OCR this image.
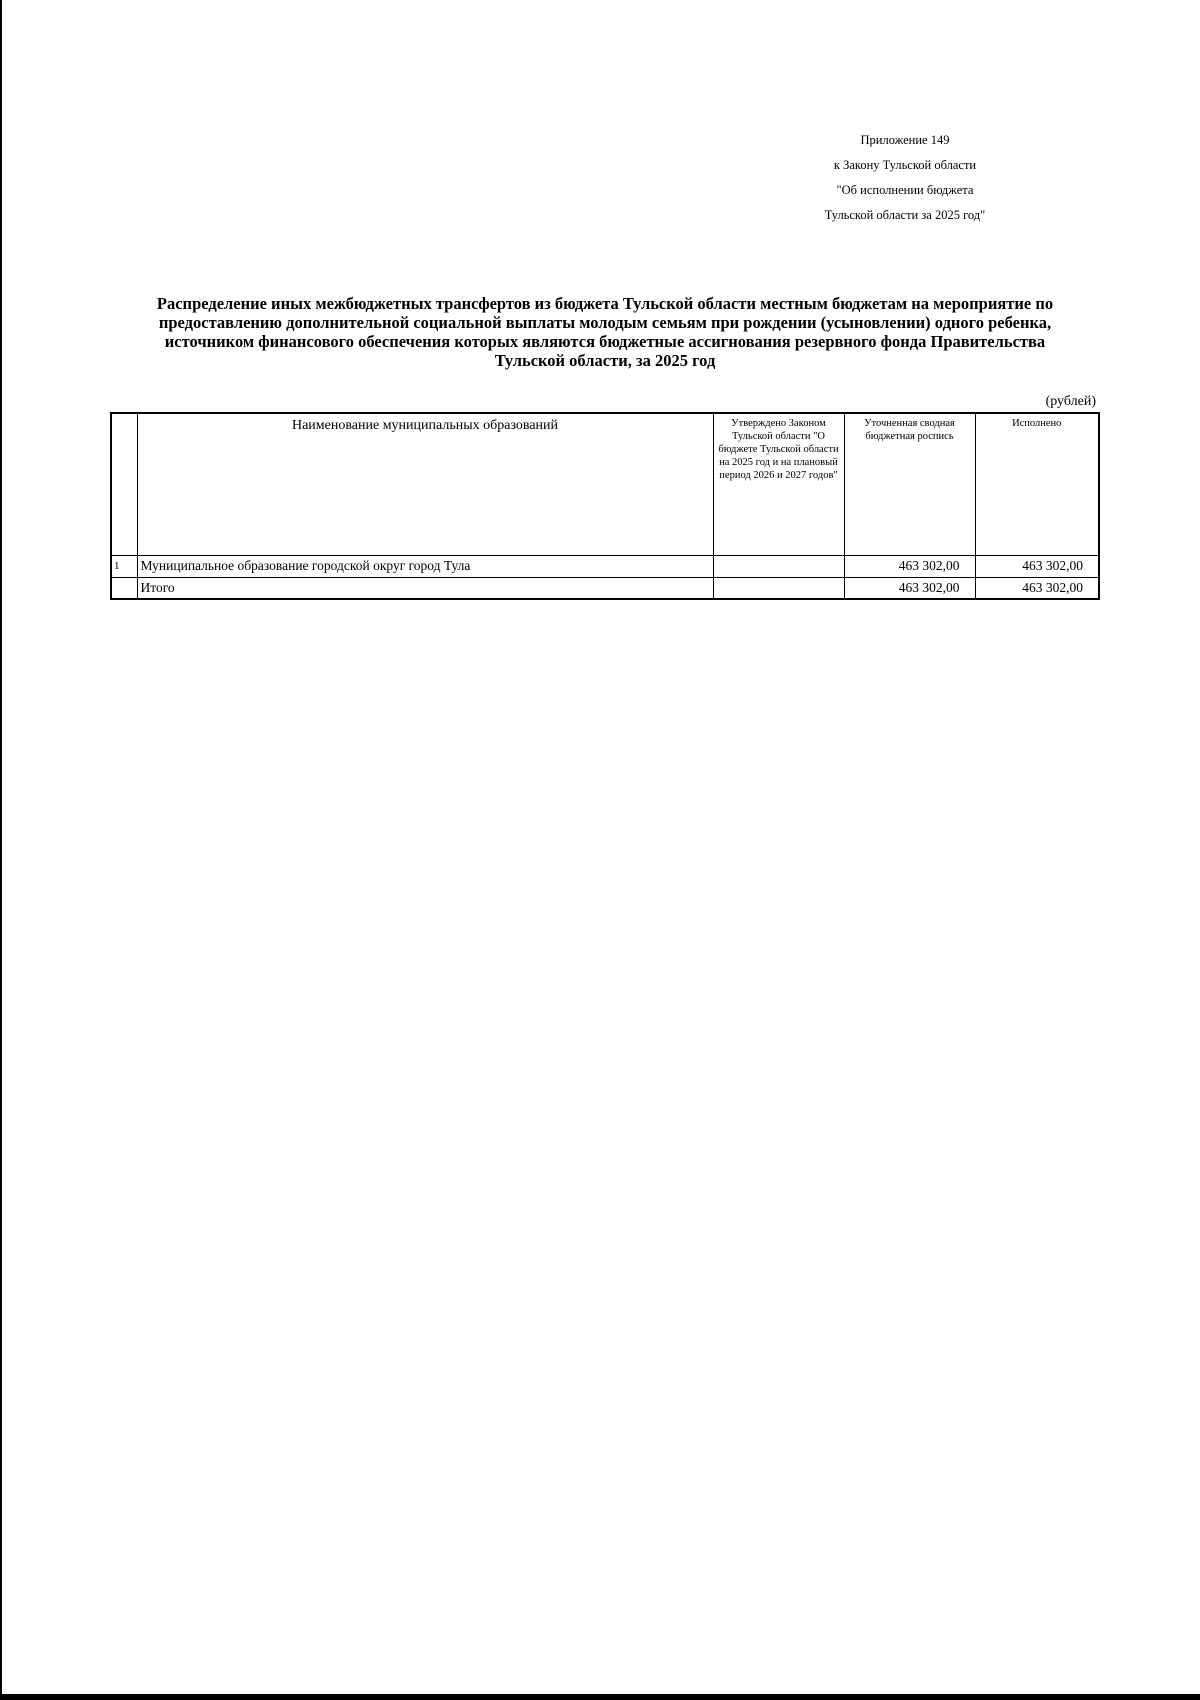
Приложение 149
к Закону Тульской области
"Об исполнении бюджета
Тульской области за 2025 год"
Распределение иных межбюджетных трансфертов из бюджета Тульской области местным бюджетам на мероприятие по
предоставлению дополнительной социальной выплаты молодым семьям при рождении (усыновлении) одного ребенка,
источником финансового обеспечения которых являются бюджетные ассигнования резервного фонда Правительства
Тульской области, за 2025 год
(рублей)
	Наименование муниципальных образований	Утверждено Законом Тульской области "О бюджете Тульской области на 2025 год и на плановый период 2026 и 2027 годов"	Уточненная сводная бюджетная роспись	Исполнено
1	Муниципальное образование городской округ город Тула		463 302,00	463 302,00
	Итого		463 302,00	463 302,00
